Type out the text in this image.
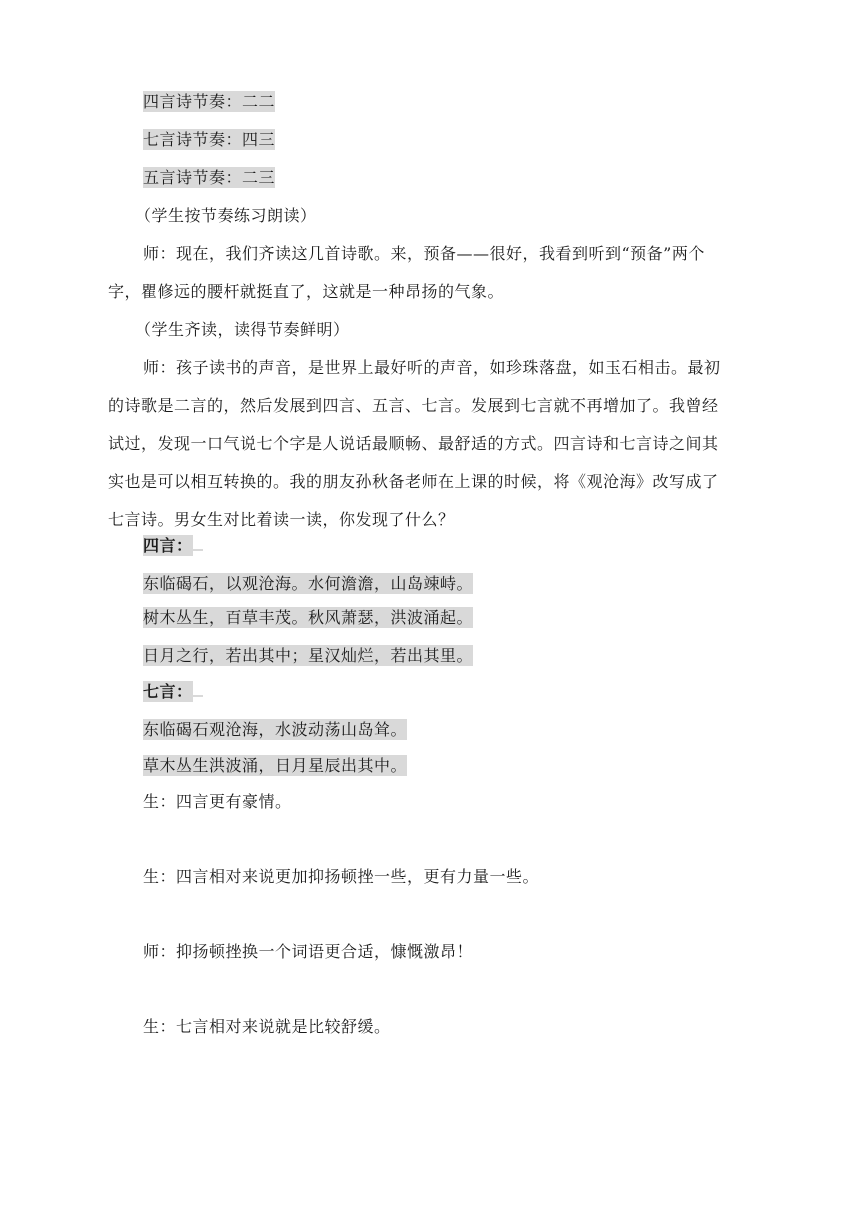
四言诗节奏：二二
七言诗节奏：四三
五言诗节奏：二三
（学生按节奏练习朗读）
师：现在，我们齐读这几首诗歌。来，预备——很好，我看到听到“预备”两个
字，瞿修远的腰杆就挺直了，这就是一种昂扬的气象。
（学生齐读，读得节奏鲜明）
师：孩子读书的声音，是世界上最好听的声音，如珍珠落盘，如玉石相击。最初
的诗歌是二言的，然后发展到四言、五言、七言。发展到七言就不再增加了。我曾经
试过，发现一口气说七个字是人说话最顺畅、最舒适的方式。四言诗和七言诗之间其
实也是可以相互转换的。我的朋友孙秋备老师在上课的时候，将《观沧海》改写成了
七言诗。男女生对比着读一读，你发现了什么？
四言：
东临碣石，以观沧海。水何澹澹，山岛竦峙。
树木丛生，百草丰茂。秋风萧瑟，洪波涌起。
日月之行，若出其中；星汉灿烂，若出其里。
七言：
东临碣石观沧海，水波动荡山岛耸。
草木丛生洪波涌，日月星辰出其中。
生：四言更有豪情。
生：四言相对来说更加抑扬顿挫一些，更有力量一些。
师：抑扬顿挫换一个词语更合适，慷慨激昂！
生：七言相对来说就是比较舒缓。
